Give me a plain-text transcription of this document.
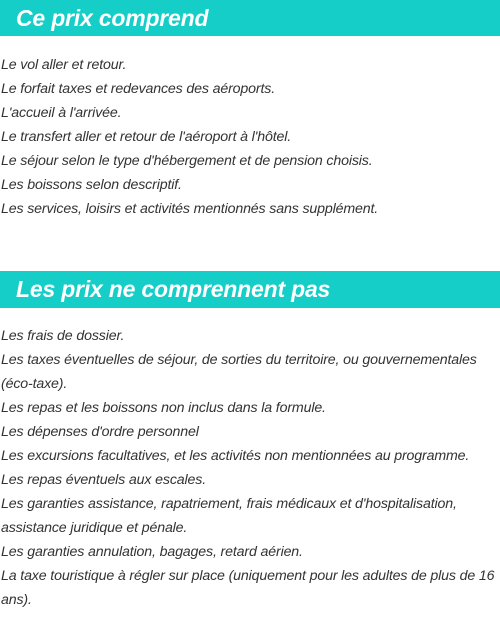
Ce prix comprend
Le vol aller et retour.
Le forfait taxes et redevances des aéroports.
L'accueil à l'arrivée.
Le transfert aller et retour de l'aéroport à l'hôtel.
Le séjour selon le type d'hébergement et de pension choisis.
Les boissons selon descriptif.
Les services, loisirs et activités mentionnés sans supplément.
Les prix ne comprennent pas
Les frais de dossier.
Les taxes éventuelles de séjour, de sorties du territoire, ou gouvernementales (éco-taxe).
Les repas et les boissons non inclus dans la formule.
Les dépenses d'ordre personnel
Les excursions facultatives, et les activités non mentionnées au programme.
Les repas éventuels aux escales.
Les garanties assistance, rapatriement, frais médicaux et d'hospitalisation, assistance juridique et pénale.
Les garanties annulation, bagages, retard aérien.
La taxe touristique à régler sur place (uniquement pour les adultes de plus de 16 ans).
